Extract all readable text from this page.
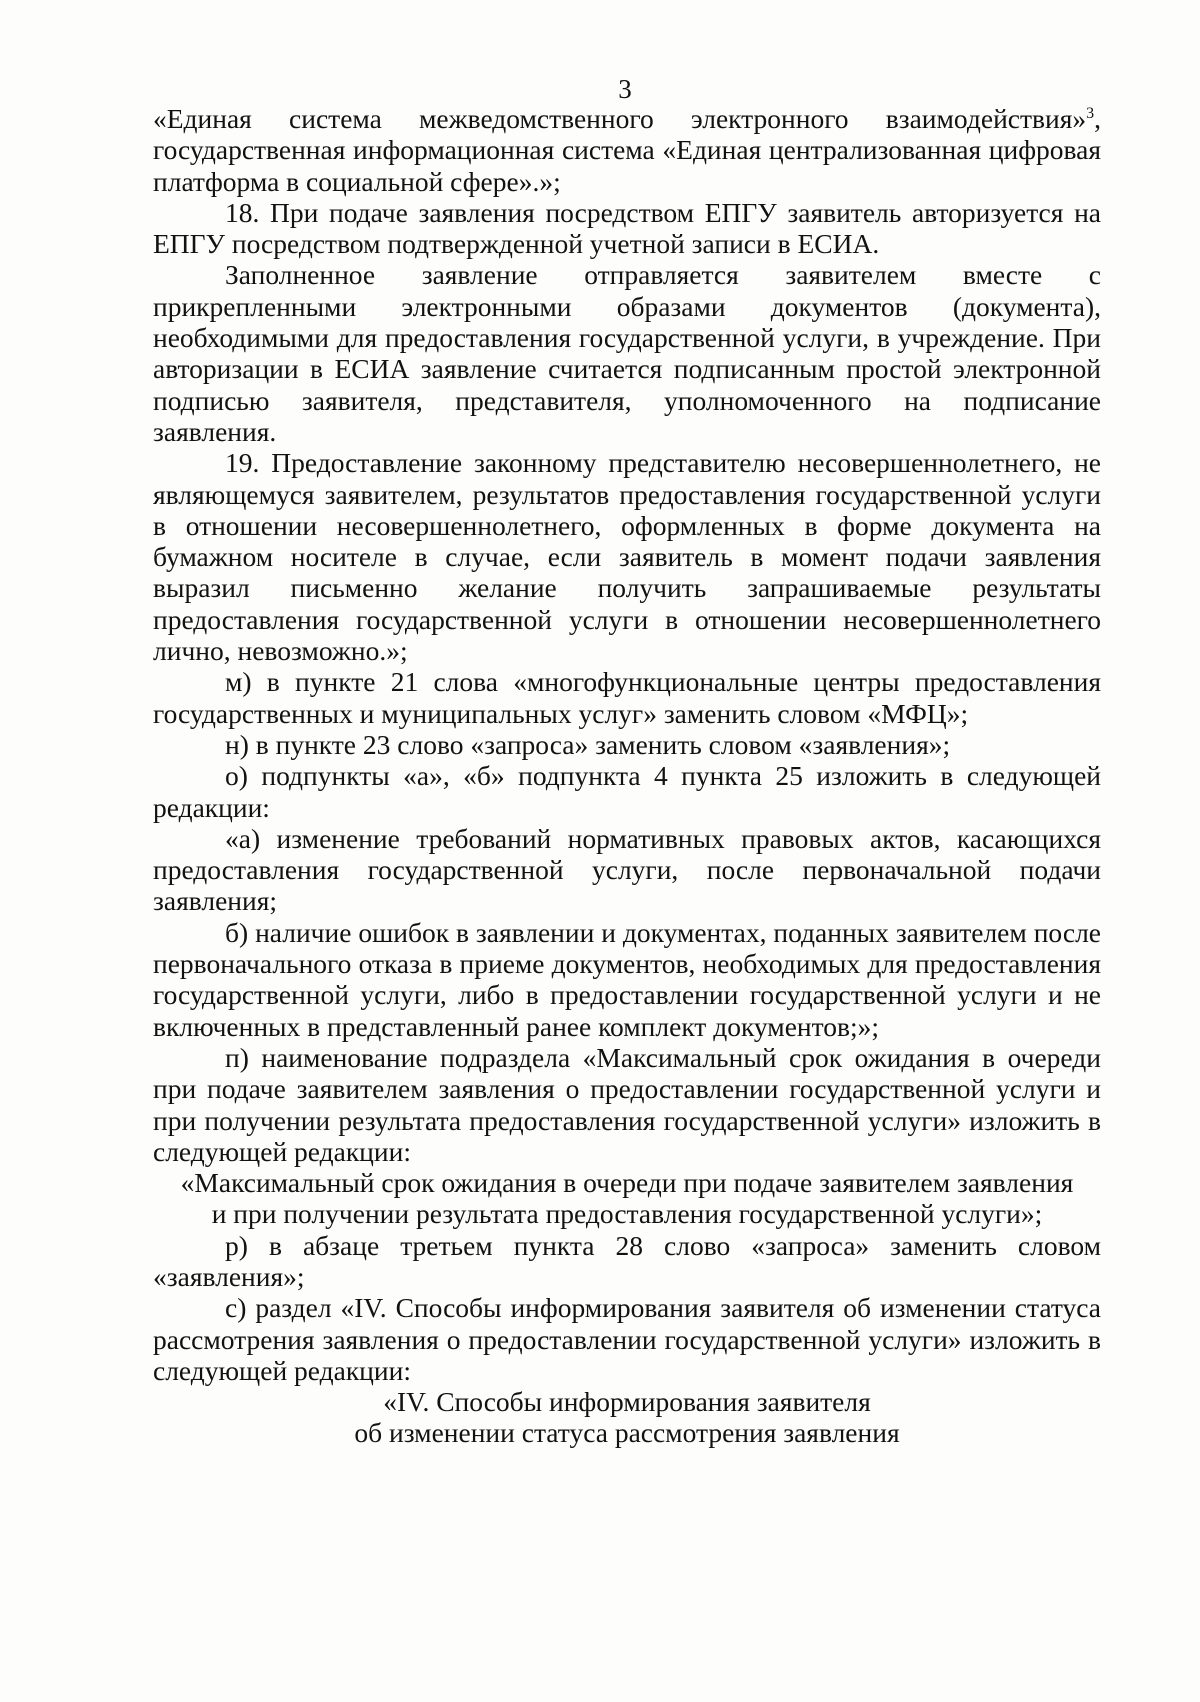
3

«Единая система межведомственного электронного взаимодействия»$^3$, государственная информационная система «Единая централизованная цифровая платформа в социальной сфере».»;

18. При подаче заявления посредством ЕПГУ заявитель авторизуется на ЕПГУ посредством подтвержденной учетной записи в ЕСИА.

Заполненное заявление отправляется заявителем вместе с прикрепленными электронными образами документов (документа), необходимыми для предоставления государственной услуги, в учреждение. При авторизации в ЕСИА заявление считается подписанным простой электронной подписью заявителя, представителя, уполномоченного на подписание заявления.

19. Предоставление законному представителю несовершеннолетнего, не являющемуся заявителем, результатов предоставления государственной услуги в отношении несовершеннолетнего, оформленных в форме документа на бумажном носителе в случае, если заявитель в момент подачи заявления выразил письменно желание получить запрашиваемые результаты предоставления государственной услуги в отношении несовершеннолетнего лично, невозможно.»;

м) в пункте 21 слова «многофункциональные центры предоставления государственных и муниципальных услуг» заменить словом «МФЦ»;

н) в пункте 23 слово «запроса» заменить словом «заявления»;

о) подпункты «а», «б» подпункта 4 пункта 25 изложить в следующей редакции:

«а) изменение требований нормативных правовых актов, касающихся предоставления государственной услуги, после первоначальной подачи заявления;

б) наличие ошибок в заявлении и документах, поданных заявителем после первоначального отказа в приеме документов, необходимых для предоставления государственной услуги, либо в предоставлении государственной услуги и не включенных в представленный ранее комплект документов;»;

п) наименование подраздела «Максимальный срок ожидания в очереди при подаче заявителем заявления о предоставлении государственной услуги и при получении результата предоставления государственной услуги» изложить в следующей редакции:

«Максимальный срок ожидания в очереди при подаче заявителем заявления
и при получении результата предоставления государственной услуги»;

р) в абзаце третьем пункта 28 слово «запроса» заменить словом «заявления»;

с) раздел «IV. Способы информирования заявителя об изменении статуса рассмотрения заявления о предоставлении государственной услуги» изложить в следующей редакции:

«IV. Способы информирования заявителя
об изменении статуса рассмотрения заявления
